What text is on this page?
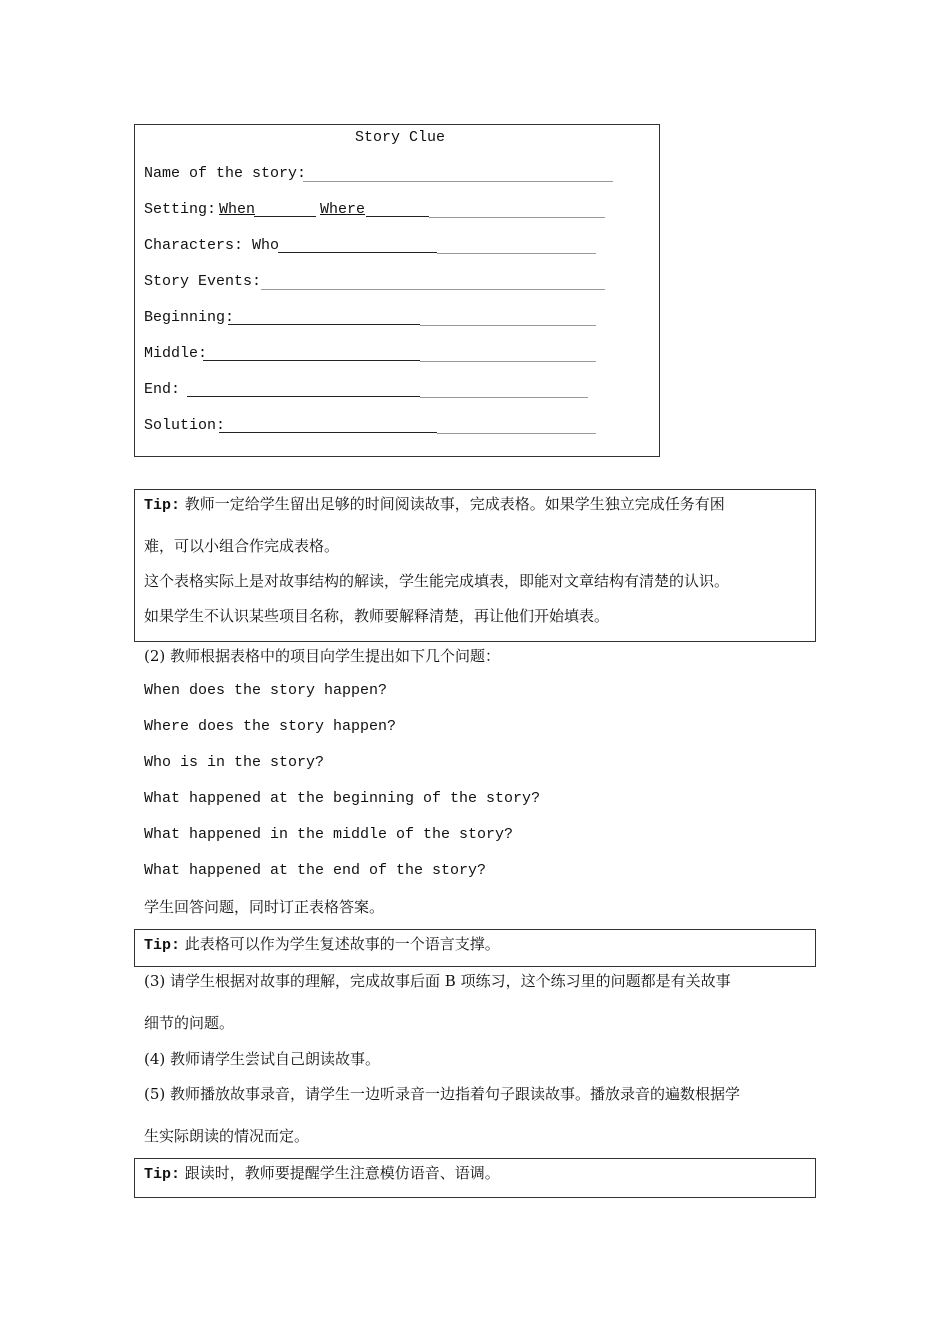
Story Clue
Name of the story:
Setting: When	Where
Characters: Who
Story Events:
Beginning:
Middle:
End:
Solution:
Tip: 教师一定给学生留出足够的时间阅读故事，完成表格。如果学生独立完成任务有困
难，可以小组合作完成表格。
这个表格实际上是对故事结构的解读，学生能完成填表，即能对文章结构有清楚的认识。
如果学生不认识某些项目名称，教师要解释清楚，再让他们开始填表。
(2) 教师根据表格中的项目向学生提出如下几个问题：
When does the story happen?
Where does the story happen?
Who is in the story?
What happened at the beginning of the story?
What happened in the middle of the story?
What happened at the end of the story?
学生回答问题，同时订正表格答案。
Tip: 此表格可以作为学生复述故事的一个语言支撑。
(3) 请学生根据对故事的理解，完成故事后面 B 项练习，这个练习里的问题都是有关故事
细节的问题。
(4) 教师请学生尝试自己朗读故事。
(5) 教师播放故事录音，请学生一边听录音一边指着句子跟读故事。播放录音的遍数根据学
生实际朗读的情况而定。
Tip: 跟读时，教师要提醒学生注意模仿语音、语调。
